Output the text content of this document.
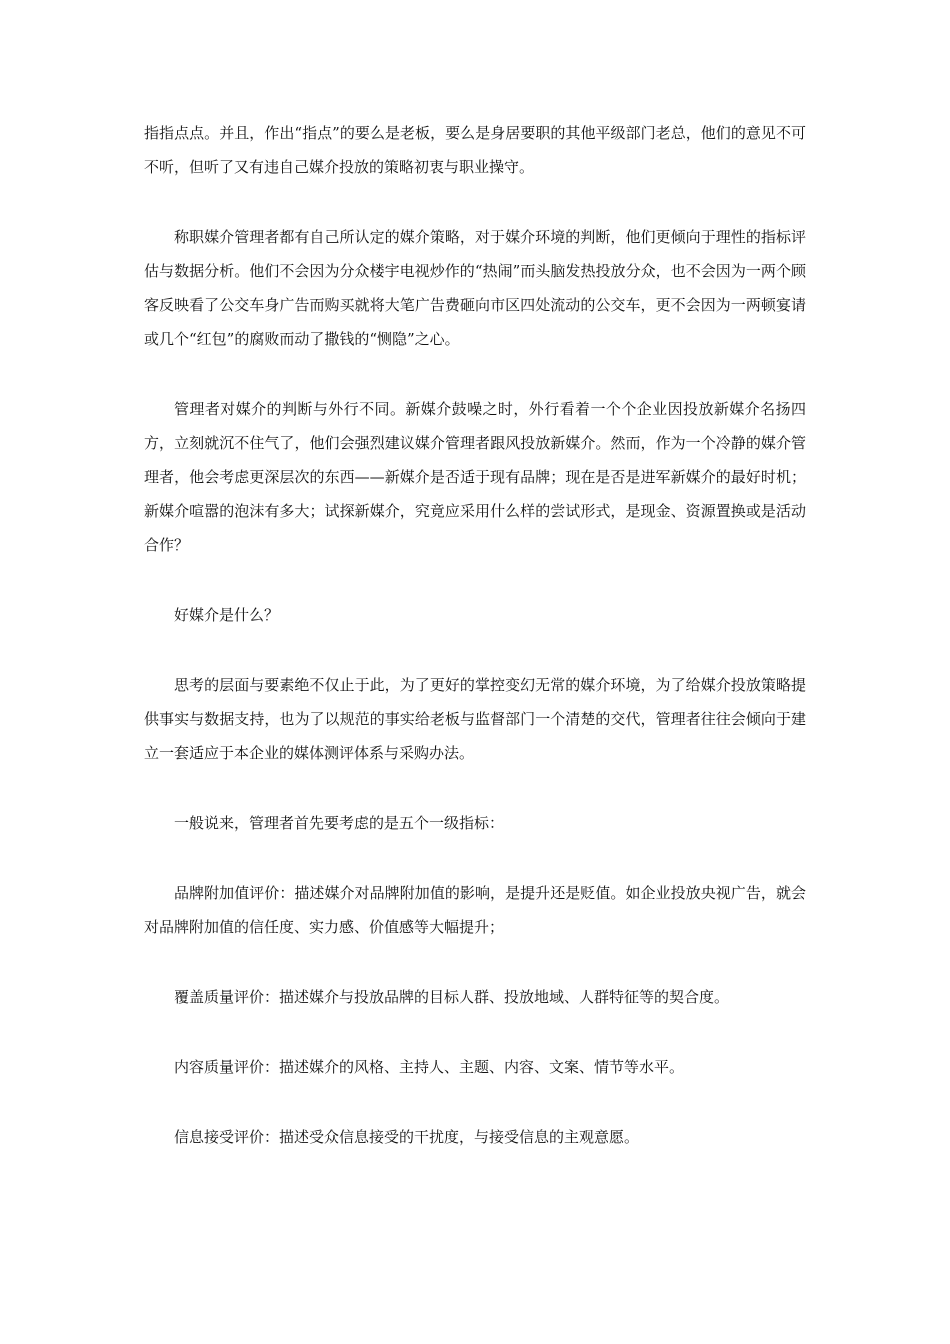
指指点点。并且，作出“指点”的要么是老板，要么是身居要职的其他平级部门老总，他们的意见不可不听，但听了又有违自己媒介投放的策略初衷与职业操守。

称职媒介管理者都有自己所认定的媒介策略，对于媒介环境的判断，他们更倾向于理性的指标评估与数据分析。他们不会因为分众楼宇电视炒作的“热闹”而头脑发热投放分众，也不会因为一两个顾客反映看了公交车身广告而购买就将大笔广告费砸向市区四处流动的公交车，更不会因为一两顿宴请或几个“红包”的腐败而动了撒钱的“恻隐”之心。

管理者对媒介的判断与外行不同。新媒介鼓噪之时，外行看着一个个企业因投放新媒介名扬四方，立刻就沉不住气了，他们会强烈建议媒介管理者跟风投放新媒介。然而，作为一个冷静的媒介管理者，他会考虑更深层次的东西——新媒介是否适于现有品牌；现在是否是进军新媒介的最好时机；新媒介喧嚣的泡沫有多大；试探新媒介，究竟应采用什么样的尝试形式，是现金、资源置换或是活动合作？

好媒介是什么？

思考的层面与要素绝不仅止于此，为了更好的掌控变幻无常的媒介环境，为了给媒介投放策略提供事实与数据支持，也为了以规范的事实给老板与监督部门一个清楚的交代，管理者往往会倾向于建立一套适应于本企业的媒体测评体系与采购办法。

一般说来，管理者首先要考虑的是五个一级指标：

品牌附加值评价：描述媒介对品牌附加值的影响，是提升还是贬值。如企业投放央视广告，就会对品牌附加值的信任度、实力感、价值感等大幅提升；

覆盖质量评价：描述媒介与投放品牌的目标人群、投放地域、人群特征等的契合度。

内容质量评价：描述媒介的风格、主持人、主题、内容、文案、情节等水平。

信息接受评价：描述受众信息接受的干扰度，与接受信息的主观意愿。
